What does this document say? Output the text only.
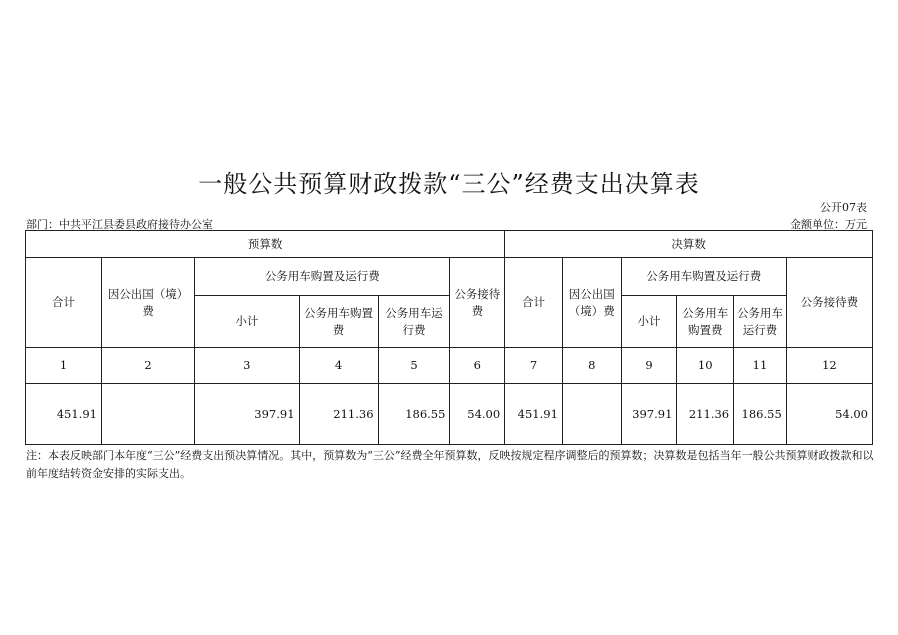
一般公共预算财政拨款“三公”经费支出决算表
公开07表
部门：中共平江县委县政府接待办公室	金额单位：万元
预算数						决算数					
合计	因公出国（境）费	公务用车购置及运行费			公务接待费	合计	因公出国（境）费	公务用车购置及运行费			公务接待费
		小计	公务用车购置费	公务用车运行费				小计	公务用车购置费	公务用车运行费	
1	2	3	4	5	6	7	8	9	10	11	12
451.91		397.91	211.36	186.55	54.00	451.91		397.91	211.36	186.55	54.00
注：本表反映部门本年度“三公”经费支出预决算情况。其中，预算数为“三公”经费全年预算数，反映按规定程序调整后的预算数；决算数是包括当年一般公共预算财政拨款和以前年度结转资金安排的实际支出。
